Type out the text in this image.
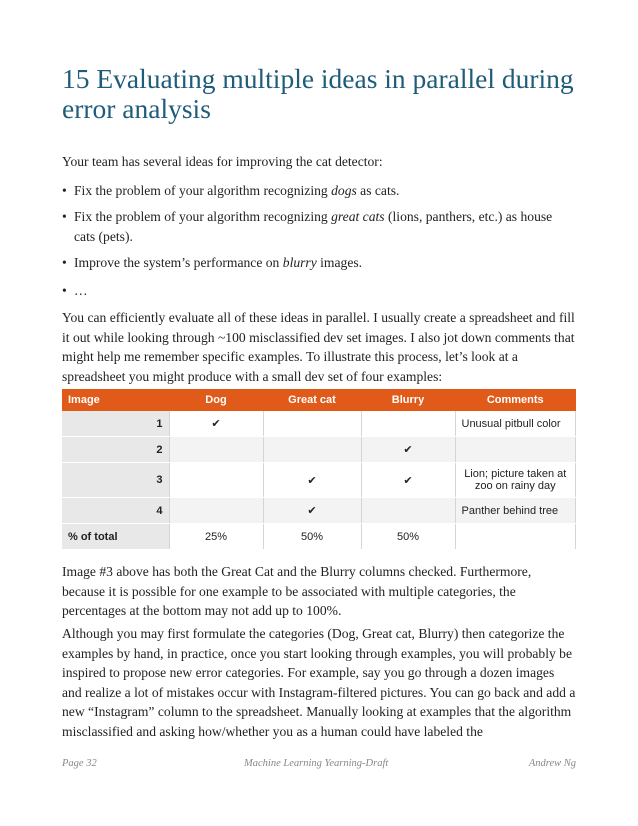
15 Evaluating multiple ideas in parallel during error analysis

Your team has several ideas for improving the cat detector:

• Fix the problem of your algorithm recognizing dogs as cats.
• Fix the problem of your algorithm recognizing great cats (lions, panthers, etc.) as house cats (pets).
• Improve the system’s performance on blurry images.
• …

You can efficiently evaluate all of these ideas in parallel. I usually create a spreadsheet and fill it out while looking through ~100 misclassified dev set images. I also jot down comments that might help me remember specific examples. To illustrate this process, let’s look at a spreadsheet you might produce with a small dev set of four examples:

Image	Dog	Great cat	Blurry	Comments
1	✔			Unusual pitbull color
2			✔	
3		✔	✔	Lion; picture taken at zoo on rainy day
4		✔		Panther behind tree
% of total	25%	50%	50%	

Image #3 above has both the Great Cat and the Blurry columns checked. Furthermore, because it is possible for one example to be associated with multiple categories, the percentages at the bottom may not add up to 100%.

Although you may first formulate the categories (Dog, Great cat, Blurry) then categorize the examples by hand, in practice, once you start looking through examples, you will probably be inspired to propose new error categories. For example, say you go through a dozen images and realize a lot of mistakes occur with Instagram-filtered pictures. You can go back and add a new “Instagram” column to the spreadsheet. Manually looking at examples that the algorithm misclassified and asking how/whether you as a human could have labeled the

Page 32	Machine Learning Yearning-Draft	Andrew Ng
